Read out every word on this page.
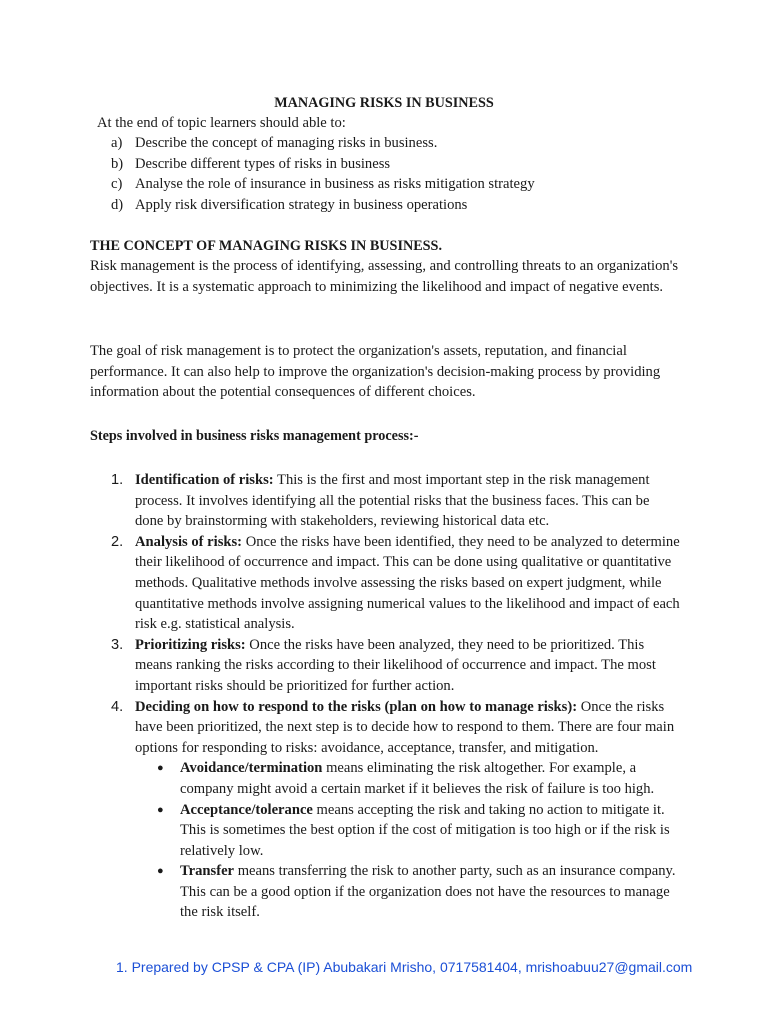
MANAGING RISKS IN BUSINESS
At the end of topic learners should able to:
a) Describe the concept of managing risks in business.
b) Describe different types of risks in business
c) Analyse the role of insurance in business as risks mitigation strategy
d) Apply risk diversification strategy in business operations
THE CONCEPT OF MANAGING RISKS IN BUSINESS.
Risk management is the process of identifying, assessing, and controlling threats to an organization's objectives. It is a systematic approach to minimizing the likelihood and impact of negative events.
The goal of risk management is to protect the organization's assets, reputation, and financial performance. It can also help to improve the organization's decision-making process by providing information about the potential consequences of different choices.
Steps involved in business risks management process:-
1. Identification of risks: This is the first and most important step in the risk management process. It involves identifying all the potential risks that the business faces. This can be done by brainstorming with stakeholders, reviewing historical data etc.
2. Analysis of risks: Once the risks have been identified, they need to be analyzed to determine their likelihood of occurrence and impact. This can be done using qualitative or quantitative methods. Qualitative methods involve assessing the risks based on expert judgment, while quantitative methods involve assigning numerical values to the likelihood and impact of each risk e.g. statistical analysis.
3. Prioritizing risks: Once the risks have been analyzed, they need to be prioritized. This means ranking the risks according to their likelihood of occurrence and impact. The most important risks should be prioritized for further action.
4. Deciding on how to respond to the risks (plan on how to manage risks): Once the risks have been prioritized, the next step is to decide how to respond to them. There are four main options for responding to risks: avoidance, acceptance, transfer, and mitigation.
● Avoidance/termination means eliminating the risk altogether. For example, a company might avoid a certain market if it believes the risk of failure is too high.
● Acceptance/tolerance means accepting the risk and taking no action to mitigate it. This is sometimes the best option if the cost of mitigation is too high or if the risk is relatively low.
● Transfer means transferring the risk to another party, such as an insurance company. This can be a good option if the organization does not have the resources to manage the risk itself.
1. Prepared by CPSP & CPA (IP) Abubakari Mrisho, 0717581404, mrishoabuu27@gmail.com
